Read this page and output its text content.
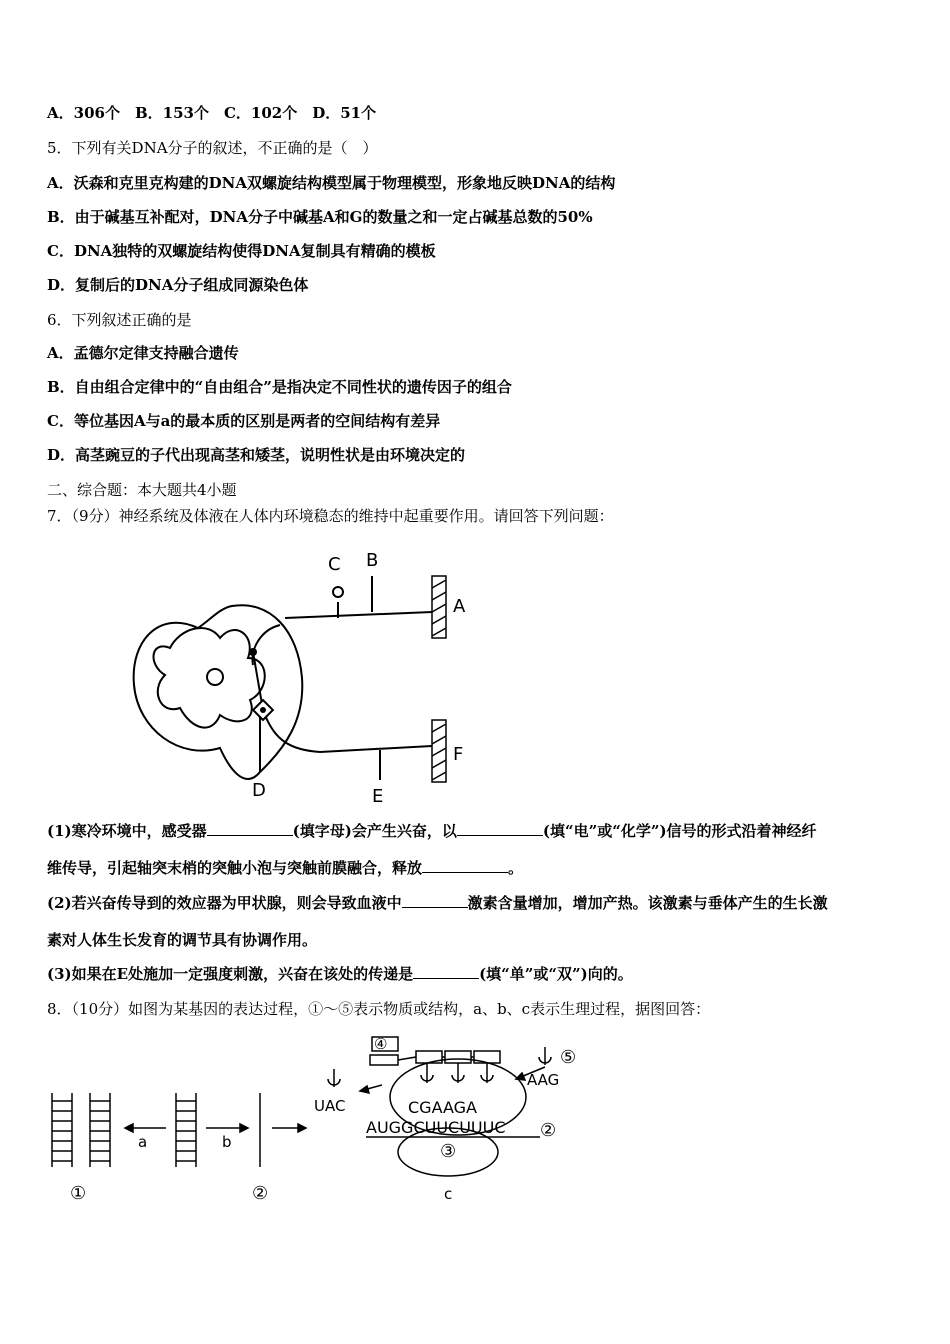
A．306个　B．153个　C．102个　D．51个
5．下列有关DNA分子的叙述，不正确的是（　）
A．沃森和克里克构建的DNA双螺旋结构模型属于物理模型，形象地反映DNA的结构
B．由于碱基互补配对，DNA分子中碱基A和G的数量之和一定占碱基总数的50%
C．DNA独特的双螺旋结构使得DNA复制具有精确的模板
D．复制后的DNA分子组成同源染色体
6．下列叙述正确的是
A．孟德尔定律支持融合遗传
B．自由组合定律中的“自由组合”是指决定不同性状的遗传因子的组合
C．等位基因A与a的最本质的区别是两者的空间结构有差异
D．高茎豌豆的子代出现高茎和矮茎，说明性状是由环境决定的
二、综合题：本大题共4小题
7．（9分）神经系统及体液在人体内环境稳态的维持中起重要作用。请回答下列问题：
C B
A
F
D	E
(1)寒冷环境中，感受器	(填字母)会产生兴奋，以	(填“电”或“化学”)信号的形式沿着神经纤
维传导，引起轴突末梢的突触小泡与突触前膜融合，释放	。
(2)若兴奋传导到的效应器为甲状腺，则会导致血液中	激素含量增加，增加产热。该激素与垂体产生的生长激
素对人体生长发育的调节具有协调作用。
(3)如果在E处施加一定强度刺激，兴奋在该处的传递是	(填“单”或“双”)向的。
8．（10分）如图为某基因的表达过程，①～⑤表示物质或结构，a、b、c表示生理过程，据图回答：
①	②
a	b
c
④
⑤
③
②
UAC
AAG
CGAAGA
AUGGCUUCUUUC
